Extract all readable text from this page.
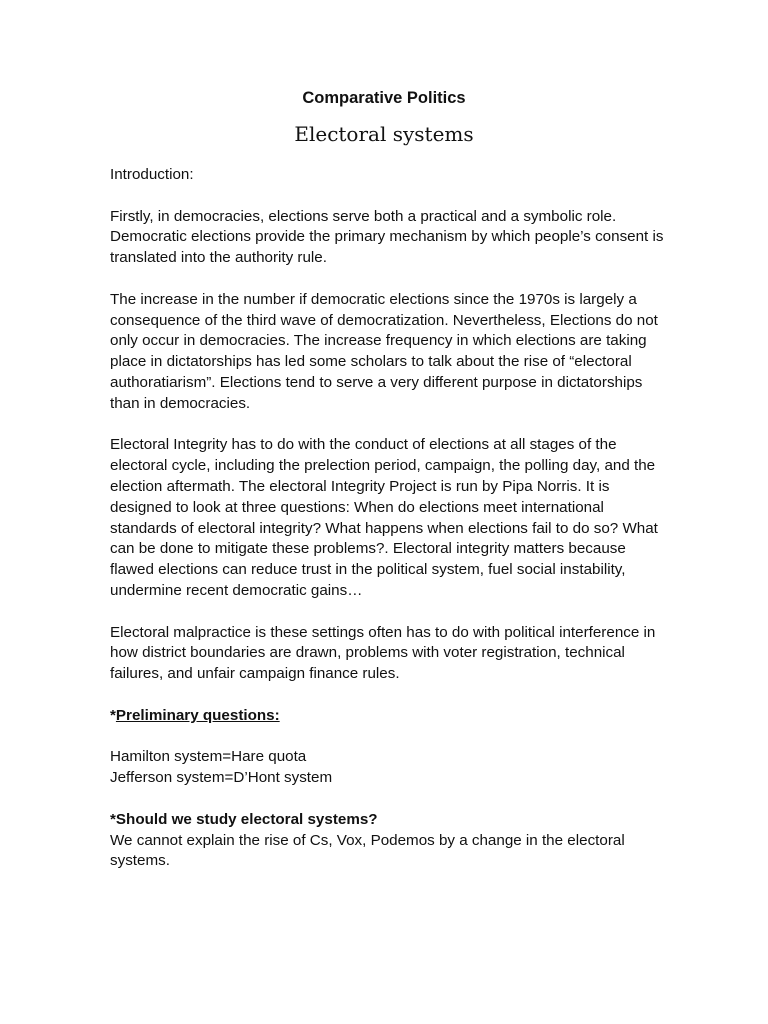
Comparative Politics
Electoral systems

Introduction:

Firstly, in democracies, elections serve both a practical and a symbolic role. Democratic elections provide the primary mechanism by which people’s consent is translated into the authority rule.

The increase in the number if democratic elections since the 1970s is largely a consequence of the third wave of democratization. Nevertheless, Elections do not only occur in democracies. The increase frequency in which elections are taking place in dictatorships has led some scholars to talk about the rise of “electoral authoratiarism”. Elections tend to serve a very different purpose in dictatorships than in democracies.

Electoral Integrity has to do with the conduct of elections at all stages of the electoral cycle, including the prelection period, campaign, the polling day, and the election aftermath. The electoral Integrity Project is run by Pipa Norris. It is designed to look at three questions: When do elections meet international standards of electoral integrity? What happens when elections fail to do so? What can be done to mitigate these problems?. Electoral integrity matters because flawed elections can reduce trust in the political system, fuel social instability, undermine recent democratic gains…

Electoral malpractice is these settings often has to do with political interference in how district boundaries are drawn, problems with voter registration, technical failures, and unfair campaign finance rules.

*Preliminary questions:

Hamilton system=Hare quota

Jefferson system=D’Hont system

*Should we study electoral systems?

We cannot explain the rise of Cs, Vox, Podemos by a change in the electoral systems.
